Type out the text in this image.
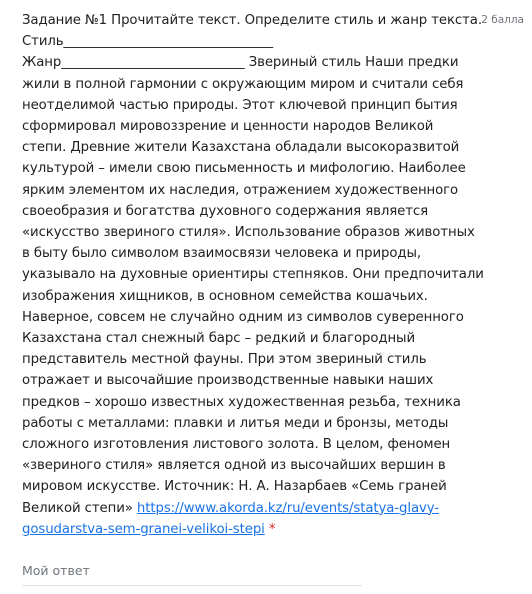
Задание №1 Прочитайте текст. Определите стиль и жанр текста.
Стиль________________________________
Жанр____________________________ Звериный стиль Наши предки
жили в полной гармонии с окружающим миром и считали себя
неотделимой частью природы. Этот ключевой принцип бытия
сформировал мировоззрение и ценности народов Великой
степи. Древние жители Казахстана обладали высокоразвитой
культурой – имели свою письменность и мифологию. Наиболее
ярким элементом их наследия, отражением художественного
своеобразия и богатства духовного содержания является
«искусство звериного стиля». Использование образов животных
в быту было символом взаимосвязи человека и природы,
указывало на духовные ориентиры степняков. Они предпочитали
изображения хищников, в основном семейства кошачьих.
Наверное, совсем не случайно одним из символов суверенного
Казахстана стал снежный барс – редкий и благородный
представитель местной фауны. При этом звериный стиль
отражает и высочайшие производственные навыки наших
предков – хорошо известных художественная резьба, техника
работы с металлами: плавки и литья меди и бронзы, методы
сложного изготовления листового золота. В целом, феномен
«звериного стиля» является одной из высочайших вершин в
мировом искусстве. Источник: Н. А. Назарбаев «Семь граней
Великой степи» https://www.akorda.kz/ru/events/statya-glavy-
gosudarstva-sem-granei-velikoi-stepi *
2 балла
Мой ответ
